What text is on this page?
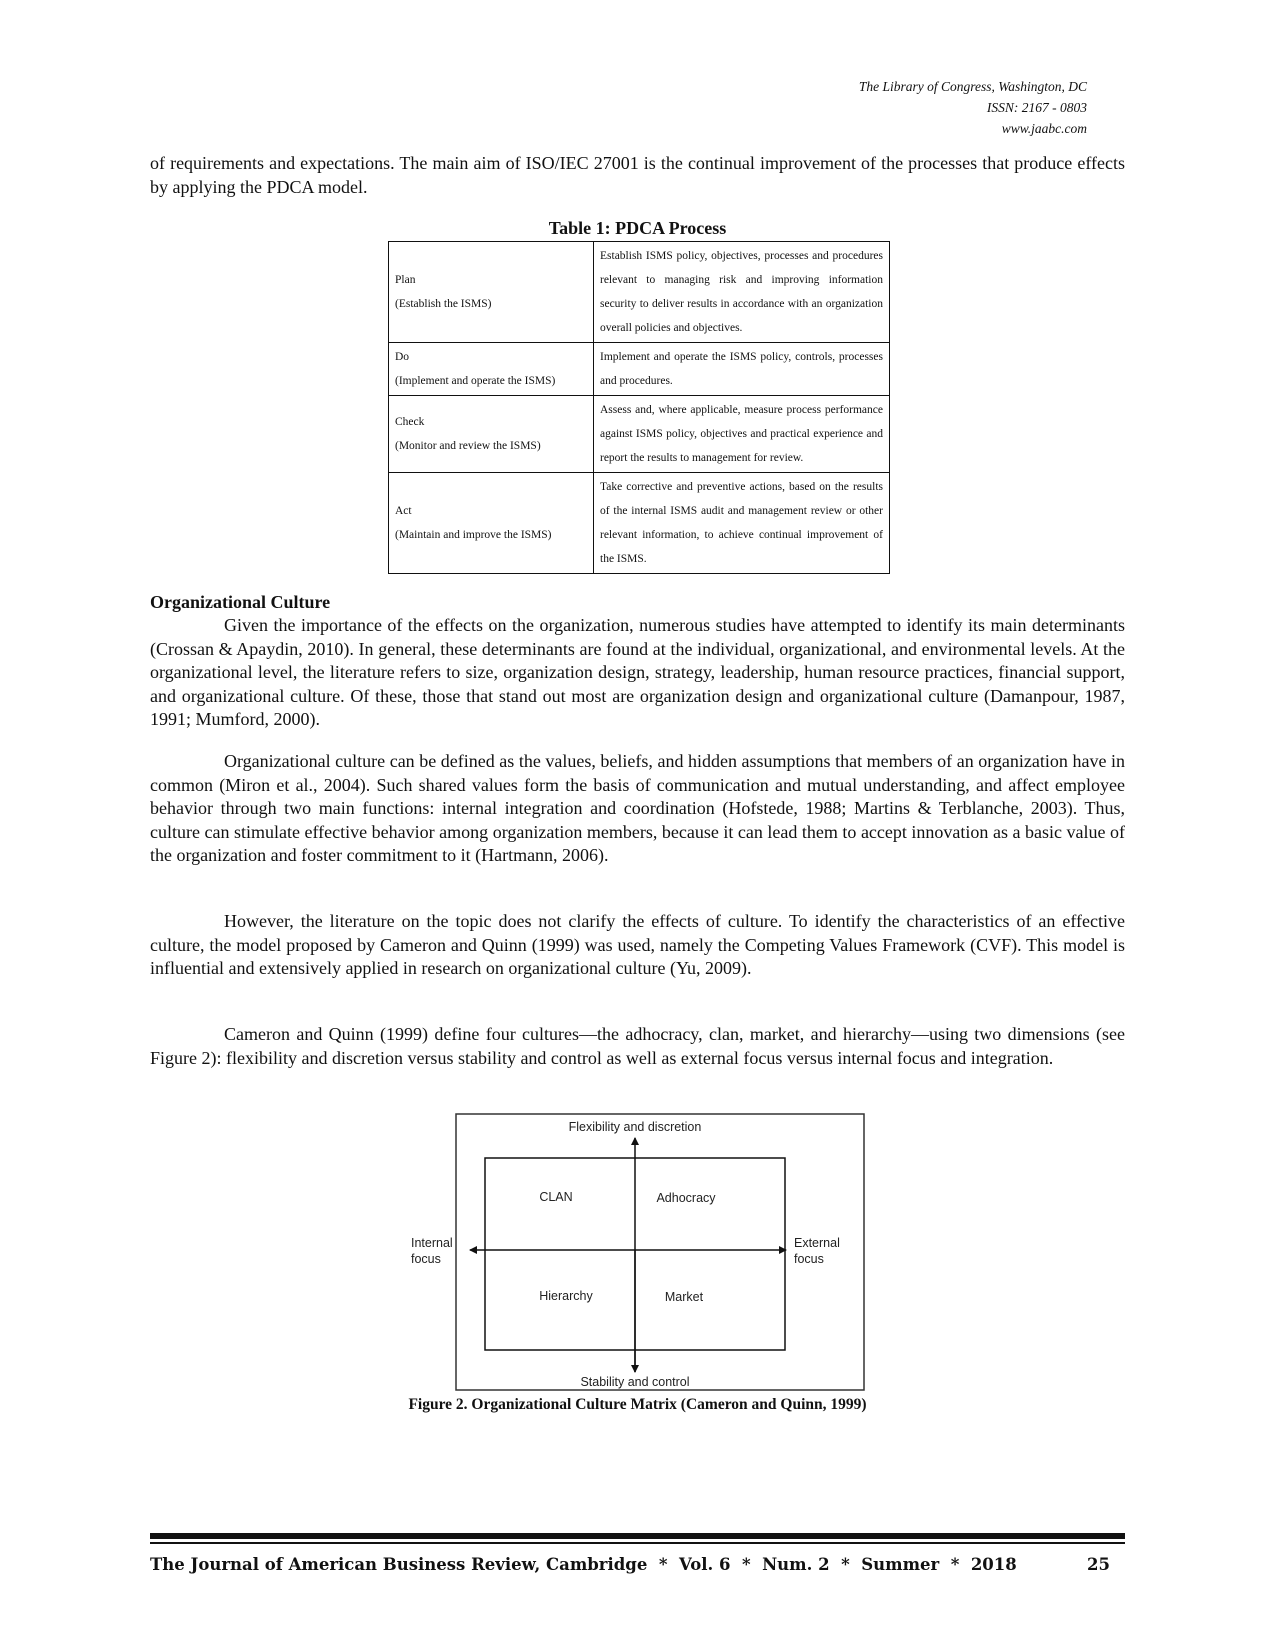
The Library of Congress, Washington, DC
ISSN: 2167 - 0803
www.jaabc.com
of requirements and expectations. The main aim of ISO/IEC 27001 is the continual improvement of the processes that produce effects by applying the PDCA model.
Table 1: PDCA Process
Plan
(Establish the ISMS)	Establish ISMS policy, objectives, processes and procedures relevant to managing risk and improving information security to deliver results in accordance with an organization overall policies and objectives.

Do
(Implement and operate the ISMS)	Implement and operate the ISMS policy, controls, processes and procedures.

Check
(Monitor and review the ISMS)	Assess and, where applicable, measure process performance against ISMS policy, objectives and practical experience and report the results to management for review.

Act
(Maintain and improve the ISMS)	Take corrective and preventive actions, based on the results of the internal ISMS audit and management review or other relevant information, to achieve continual improvement of the ISMS.
Organizational Culture
Given the importance of the effects on the organization, numerous studies have attempted to identify its main determinants (Crossan & Apaydin, 2010). In general, these determinants are found at the individual, organizational, and environmental levels. At the organizational level, the literature refers to size, organization design, strategy, leadership, human resource practices, financial support, and organizational culture. Of these, those that stand out most are organization design and organizational culture (Damanpour, 1987, 1991; Mumford, 2000).
Organizational culture can be defined as the values, beliefs, and hidden assumptions that members of an organization have in common (Miron et al., 2004). Such shared values form the basis of communication and mutual understanding, and affect employee behavior through two main functions: internal integration and coordination (Hofstede, 1988; Martins & Terblanche, 2003). Thus, culture can stimulate effective behavior among organization members, because it can lead them to accept innovation as a basic value of the organization and foster commitment to it (Hartmann, 2006).
However, the literature on the topic does not clarify the effects of culture. To identify the characteristics of an effective culture, the model proposed by Cameron and Quinn (1999) was used, namely the Competing Values Framework (CVF). This model is influential and extensively applied in research on organizational culture (Yu, 2009).
Cameron and Quinn (1999) define four cultures—the adhocracy, clan, market, and hierarchy—using two dimensions (see Figure 2): flexibility and discretion versus stability and control as well as external focus versus internal focus and integration.
Flexibility and discretion
Stability and control
Internal
focus
External
focus
CLAN	Adhocracy
Hierarchy	Market
Figure 2. Organizational Culture Matrix (Cameron and Quinn, 1999)
The Journal of American Business Review, Cambridge  *  Vol. 6  *  Num. 2  *  Summer  *  2018	25
